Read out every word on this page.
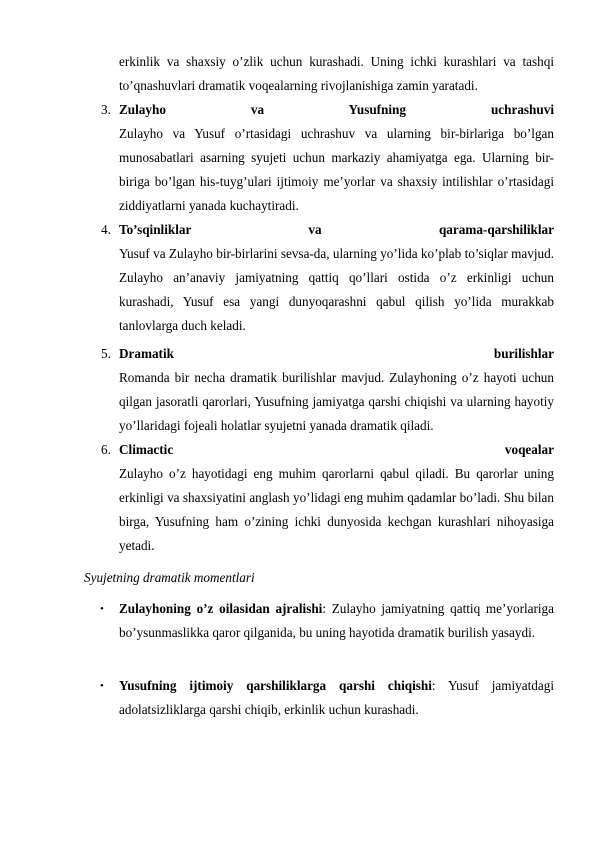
erkinlik va shaxsiy o’zlik uchun kurashadi. Uning ichki kurashlari va tashqi to’qnashuvlari dramatik voqealarning rivojlanishiga zamin yaratadi.
3. Zulayho va Yusufning uchrashuvi
Zulayho va Yusuf o’rtasidagi uchrashuv va ularning bir-birlariga bo’lgan munosabatlari asarning syujeti uchun markaziy ahamiyatga ega. Ularning bir-biriga bo’lgan his-tuyg’ulari ijtimoiy me’yorlar va shaxsiy intilishlar o’rtasidagi ziddiyatlarni yanada kuchaytiradi.
4. To’sqinliklar va qarama-qarshiliklar
Yusuf va Zulayho bir-birlarini sevsa-da, ularning yo’lida ko’plab to’siqlar mavjud. Zulayho an’anaviy jamiyatning qattiq qo’llari ostida o’z erkinligi uchun kurashadi, Yusuf esa yangi dunyoqarashni qabul qilish yo’lida murakkab tanlovlarga duch keladi.
5. Dramatik burilishlar
Romanda bir necha dramatik burilishlar mavjud. Zulayhoning o’z hayoti uchun qilgan jasoratli qarorlari, Yusufning jamiyatga qarshi chiqishi va ularning hayotiy yo’llaridagi fojeali holatlar syujetni yanada dramatik qiladi.
6. Climactic voqealar
Zulayho o’z hayotidagi eng muhim qarorlarni qabul qiladi. Bu qarorlar uning erkinligi va shaxsiyatini anglash yo’lidagi eng muhim qadamlar bo’ladi. Shu bilan birga, Yusufning ham o’zining ichki dunyosida kechgan kurashlari nihoyasiga yetadi.
Syujetning dramatik momentlari
• Zulayhoning o’z oilasidan ajralishi: Zulayho jamiyatning qattiq me’yorlariga bo’ysunmaslikka qaror qilganida, bu uning hayotida dramatik burilish yasaydi.
• Yusufning ijtimoiy qarshiliklarga qarshi chiqishi: Yusuf jamiyatdagi adolatsizliklarga qarshi chiqib, erkinlik uchun kurashadi.
